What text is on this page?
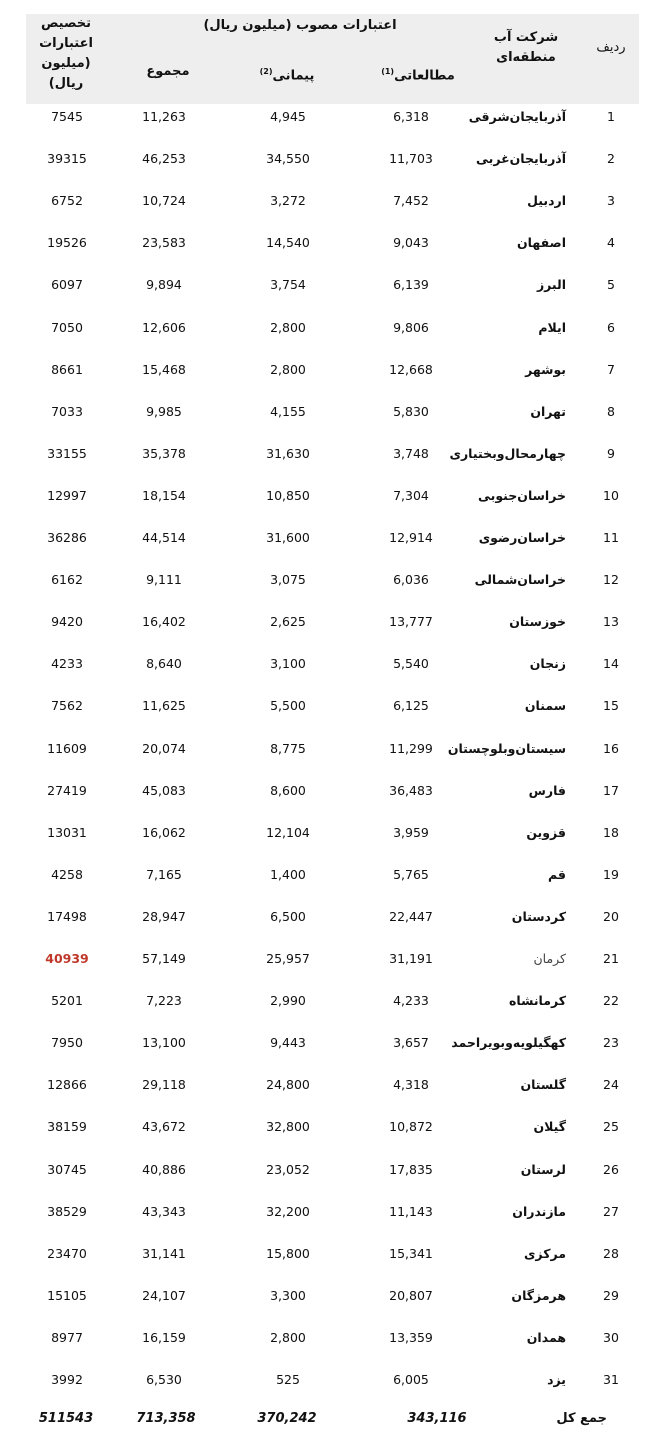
تخصیص اعتبارات (میلیون ریال)
مجموع
اعتبارات مصوب (میلیون ریال)
پیمانی$^{(2)}$	مطالعاتی$^{(1)}$
شرکت آب منطقه‌ای
ردیف
7545	11,263	4,945	6,318	آذربایجان‌شرقی	1
39315	46,253	34,550	11,703	آذربایجان‌غربی	2
6752	10,724	3,272	7,452	اردبیل	3
19526	23,583	14,540	9,043	اصفهان	4
6097	9,894	3,754	6,139	البرز	5
7050	12,606	2,800	9,806	ایلام	6
8661	15,468	2,800	12,668	بوشهر	7
7033	9,985	4,155	5,830	تهران	8
33155	35,378	31,630	3,748 چهارمحال‌وبختیاری	9
12997	18,154	10,850	7,304	خراسان‌جنوبی	10
36286	44,514	31,600	12,914	خراسان‌رضوی	11
6162	9,111	3,075	6,036	خراسان‌شمالی	12
9420	16,402	2,625	13,777	خوزستان	13
4233	8,640	3,100	5,540	زنجان	14
7562	11,625	5,500	6,125	سمنان	15
11609	20,074	8,775	11,299 سیستان‌وبلوچستان	16
27419	45,083	8,600	36,483	فارس	17
13031	16,062	12,104	3,959	قزوین	18
4258	7,165	1,400	5,765	قم	19
17498	28,947	6,500	22,447	کردستان	20
40939	57,149	25,957	31,191	کرمان	21
5201	7,223	2,990	4,233	کرمانشاه	22
7950	13,100	9,443	3,657 کهگیلویه‌وبویراحمد	23
12866	29,118	24,800	4,318	گلستان	24
38159	43,672	32,800	10,872	گیلان	25
30745	40,886	23,052	17,835	لرستان	26
38529	43,343	32,200	11,143	مازندران	27
23470	31,141	15,800	15,341	مرکزی	28
15105	24,107	3,300	20,807	هرمزگان	29
8977	16,159	2,800	13,359	همدان	30
3992	6,530	525	6,005	یزد	31
511543	713,358	370,242	343,116	جمع کل
